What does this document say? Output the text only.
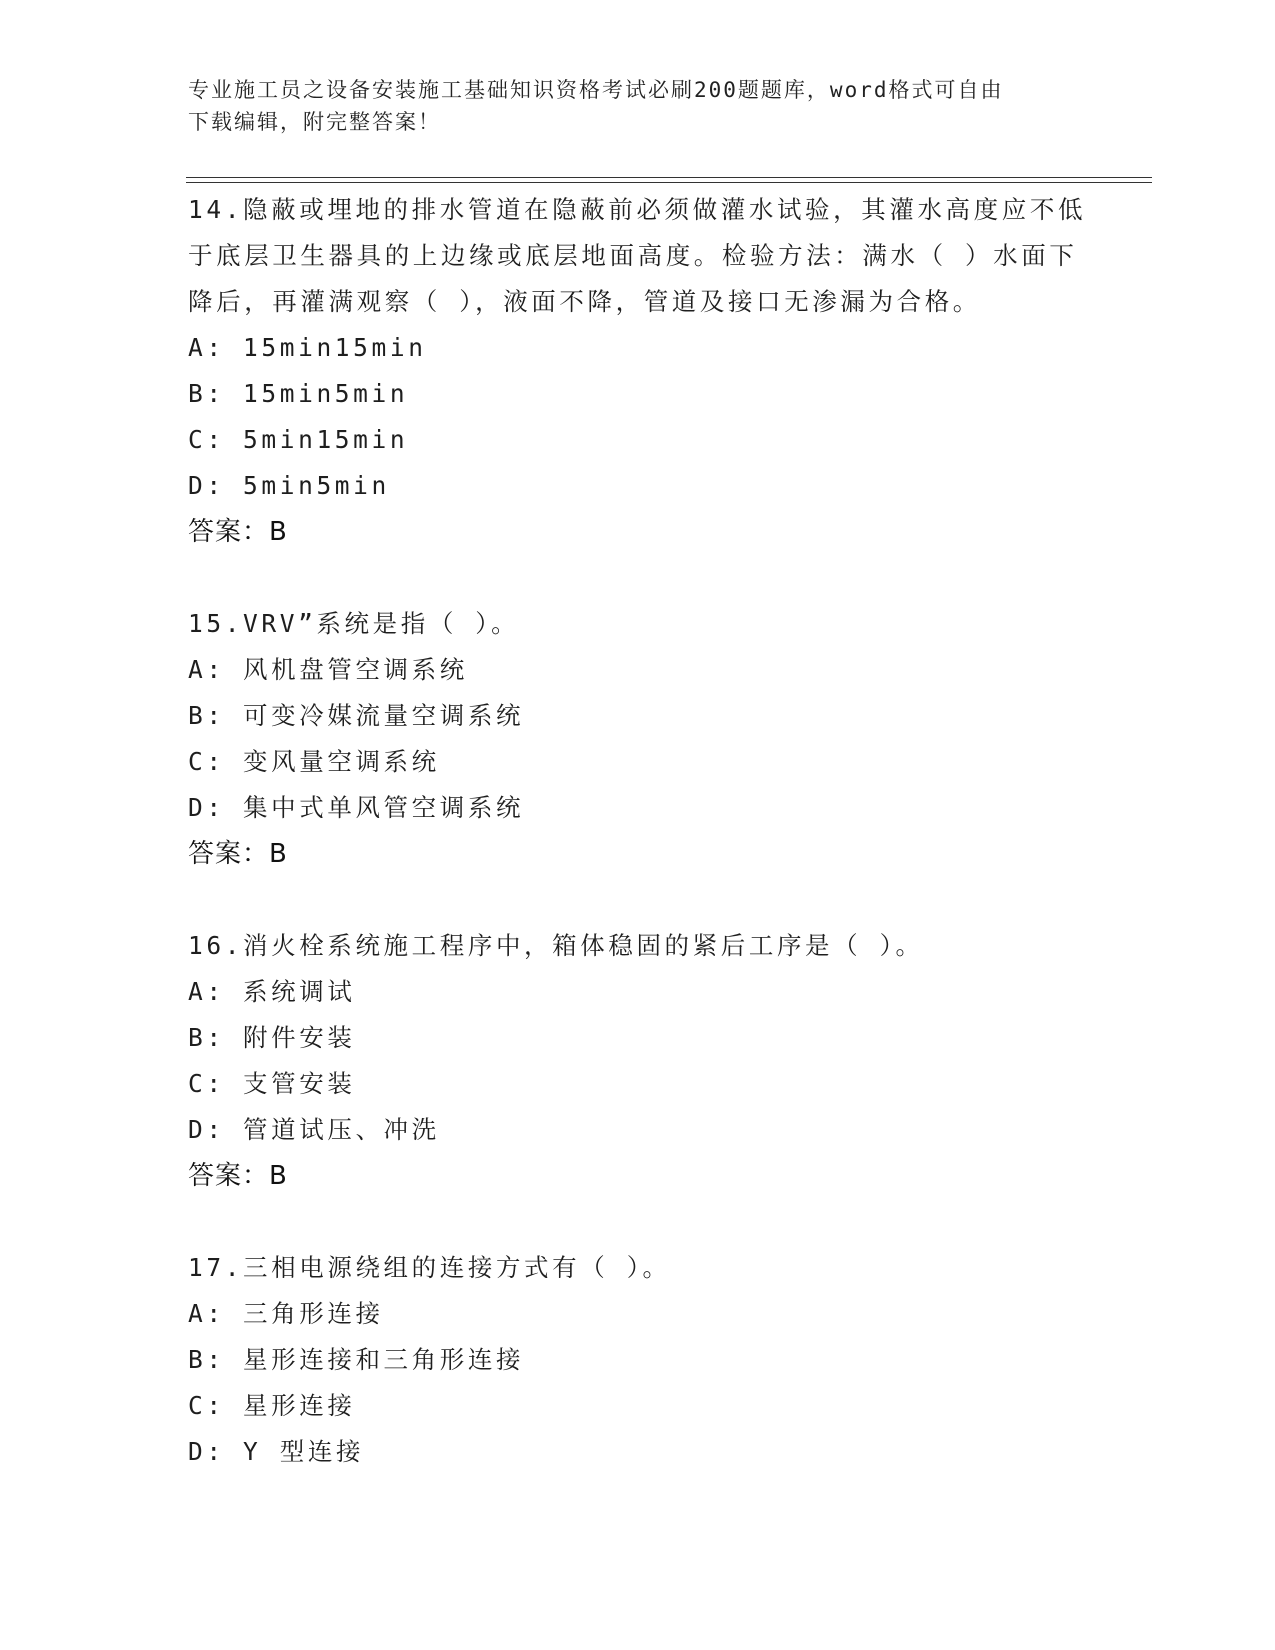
专业施工员之设备安装施工基础知识资格考试必刷200题题库，word格式可自由
下载编辑，附完整答案！
14.隐蔽或埋地的排水管道在隐蔽前必须做灌水试验，其灌水高度应不低于底层卫生器具的上边缘或底层地面高度。检验方法：满水（ ）水面下降后，再灌满观察（ ），液面不降，管道及接口无渗漏为合格。
A: 15min15min
B: 15min5min
C: 5min15min
D: 5min5min
答案：B
15.VRV”系统是指（ ）。
A: 风机盘管空调系统
B: 可变冷媒流量空调系统
C: 变风量空调系统
D: 集中式单风管空调系统
答案：B
16.消火栓系统施工程序中，箱体稳固的紧后工序是（ ）。
A: 系统调试
B: 附件安装
C: 支管安装
D: 管道试压、冲洗
答案：B
17.三相电源绕组的连接方式有（ ）。
A: 三角形连接
B: 星形连接和三角形连接
C: 星形连接
D: Y 型连接
